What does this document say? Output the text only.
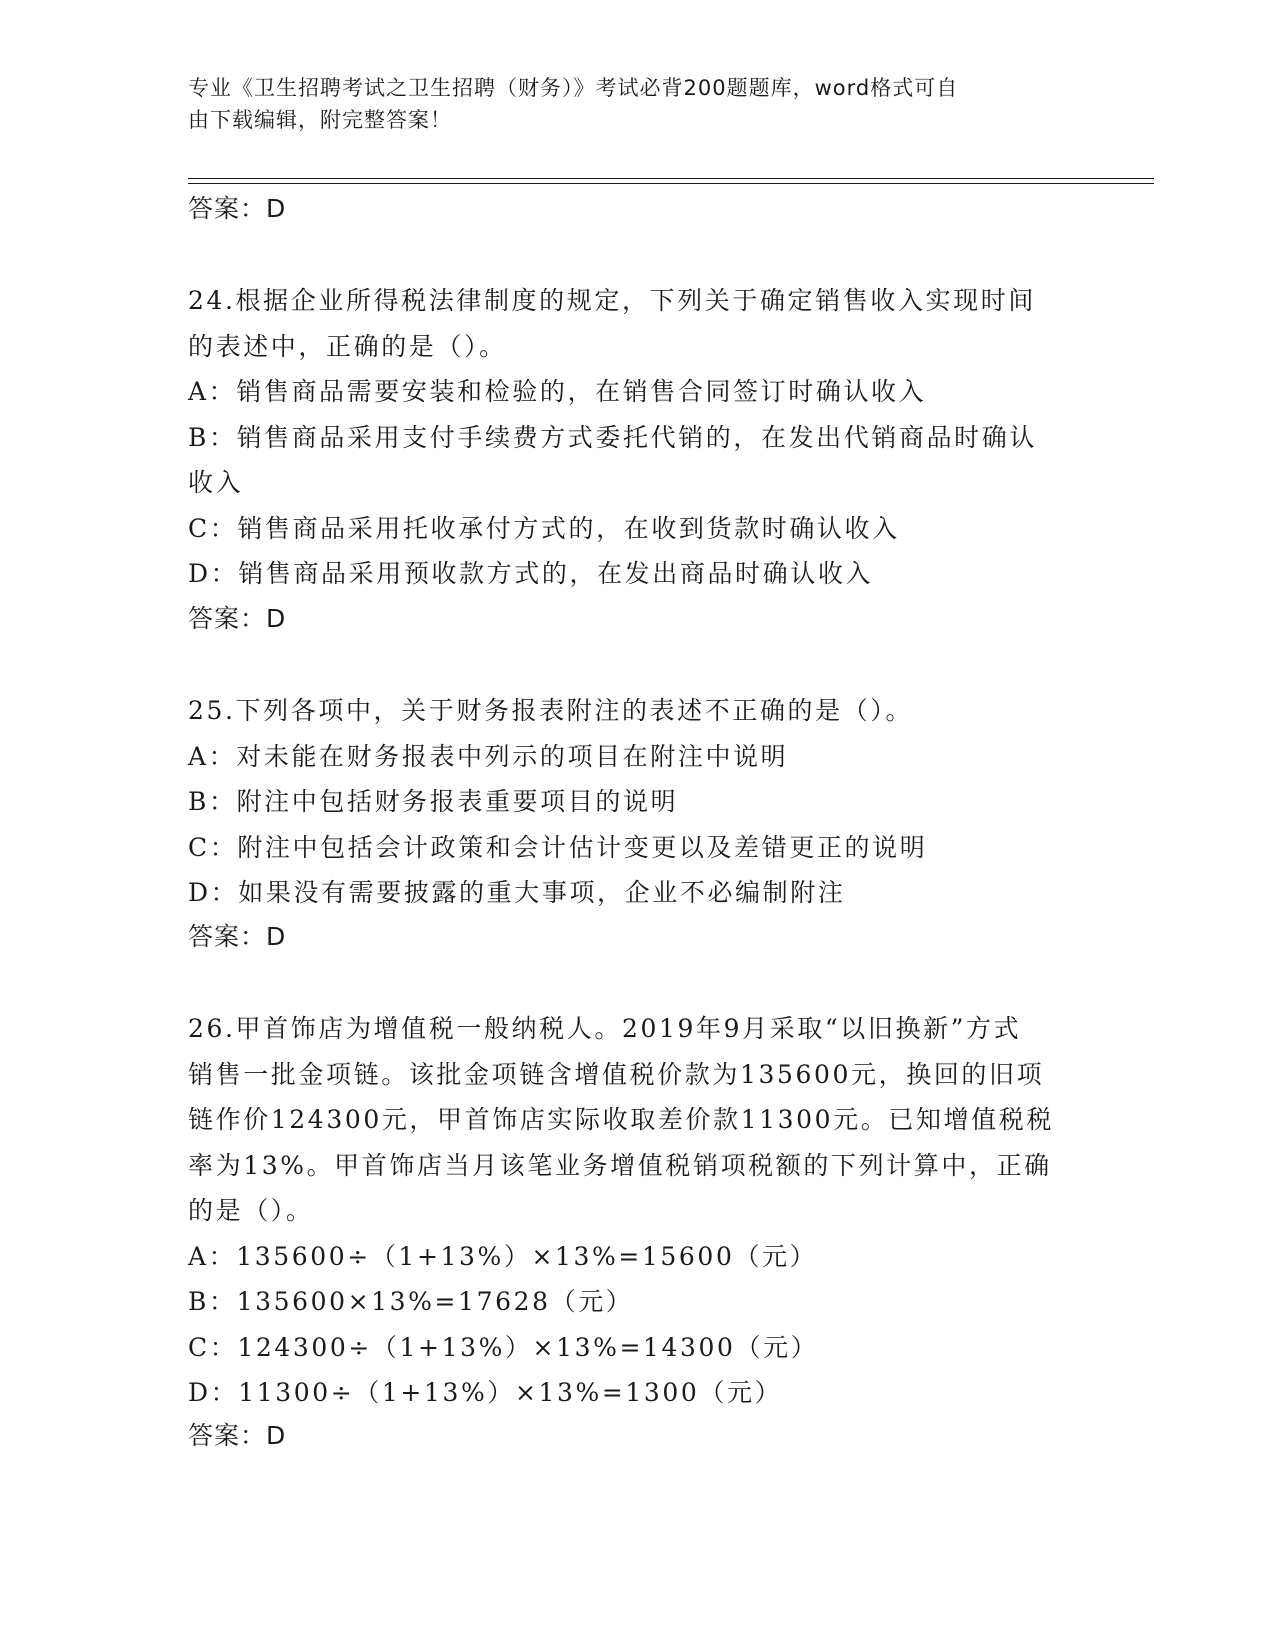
专业《卫生招聘考试之卫生招聘（财务）》考试必背200题题库，word格式可自
由下载编辑，附完整答案！
答案：D

24.根据企业所得税法律制度的规定，下列关于确定销售收入实现时间

的表述中，正确的是（）。

A：销售商品需要安装和检验的，在销售合同签订时确认收入

B：销售商品采用支付手续费方式委托代销的，在发出代销商品时确认

收入

C：销售商品采用托收承付方式的，在收到货款时确认收入

D：销售商品采用预收款方式的，在发出商品时确认收入

答案：D

25.下列各项中，关于财务报表附注的表述不正确的是（）。

A：对未能在财务报表中列示的项目在附注中说明

B：附注中包括财务报表重要项目的说明

C：附注中包括会计政策和会计估计变更以及差错更正的说明

D：如果没有需要披露的重大事项，企业不必编制附注

答案：D

26.甲首饰店为增值税一般纳税人。2019年9月采取“以旧换新”方式

销售一批金项链。该批金项链含增值税价款为135600元，换回的旧项

链作价124300元，甲首饰店实际收取差价款11300元。已知增值税税

率为13%。甲首饰店当月该笔业务增值税销项税额的下列计算中，正确

的是（）。

A：135600÷（1+13%）×13%=15600（元）

B：135600×13%=17628（元）

C：124300÷（1+13%）×13%=14300（元）

D：11300÷（1+13%）×13%=1300（元）

答案：D
